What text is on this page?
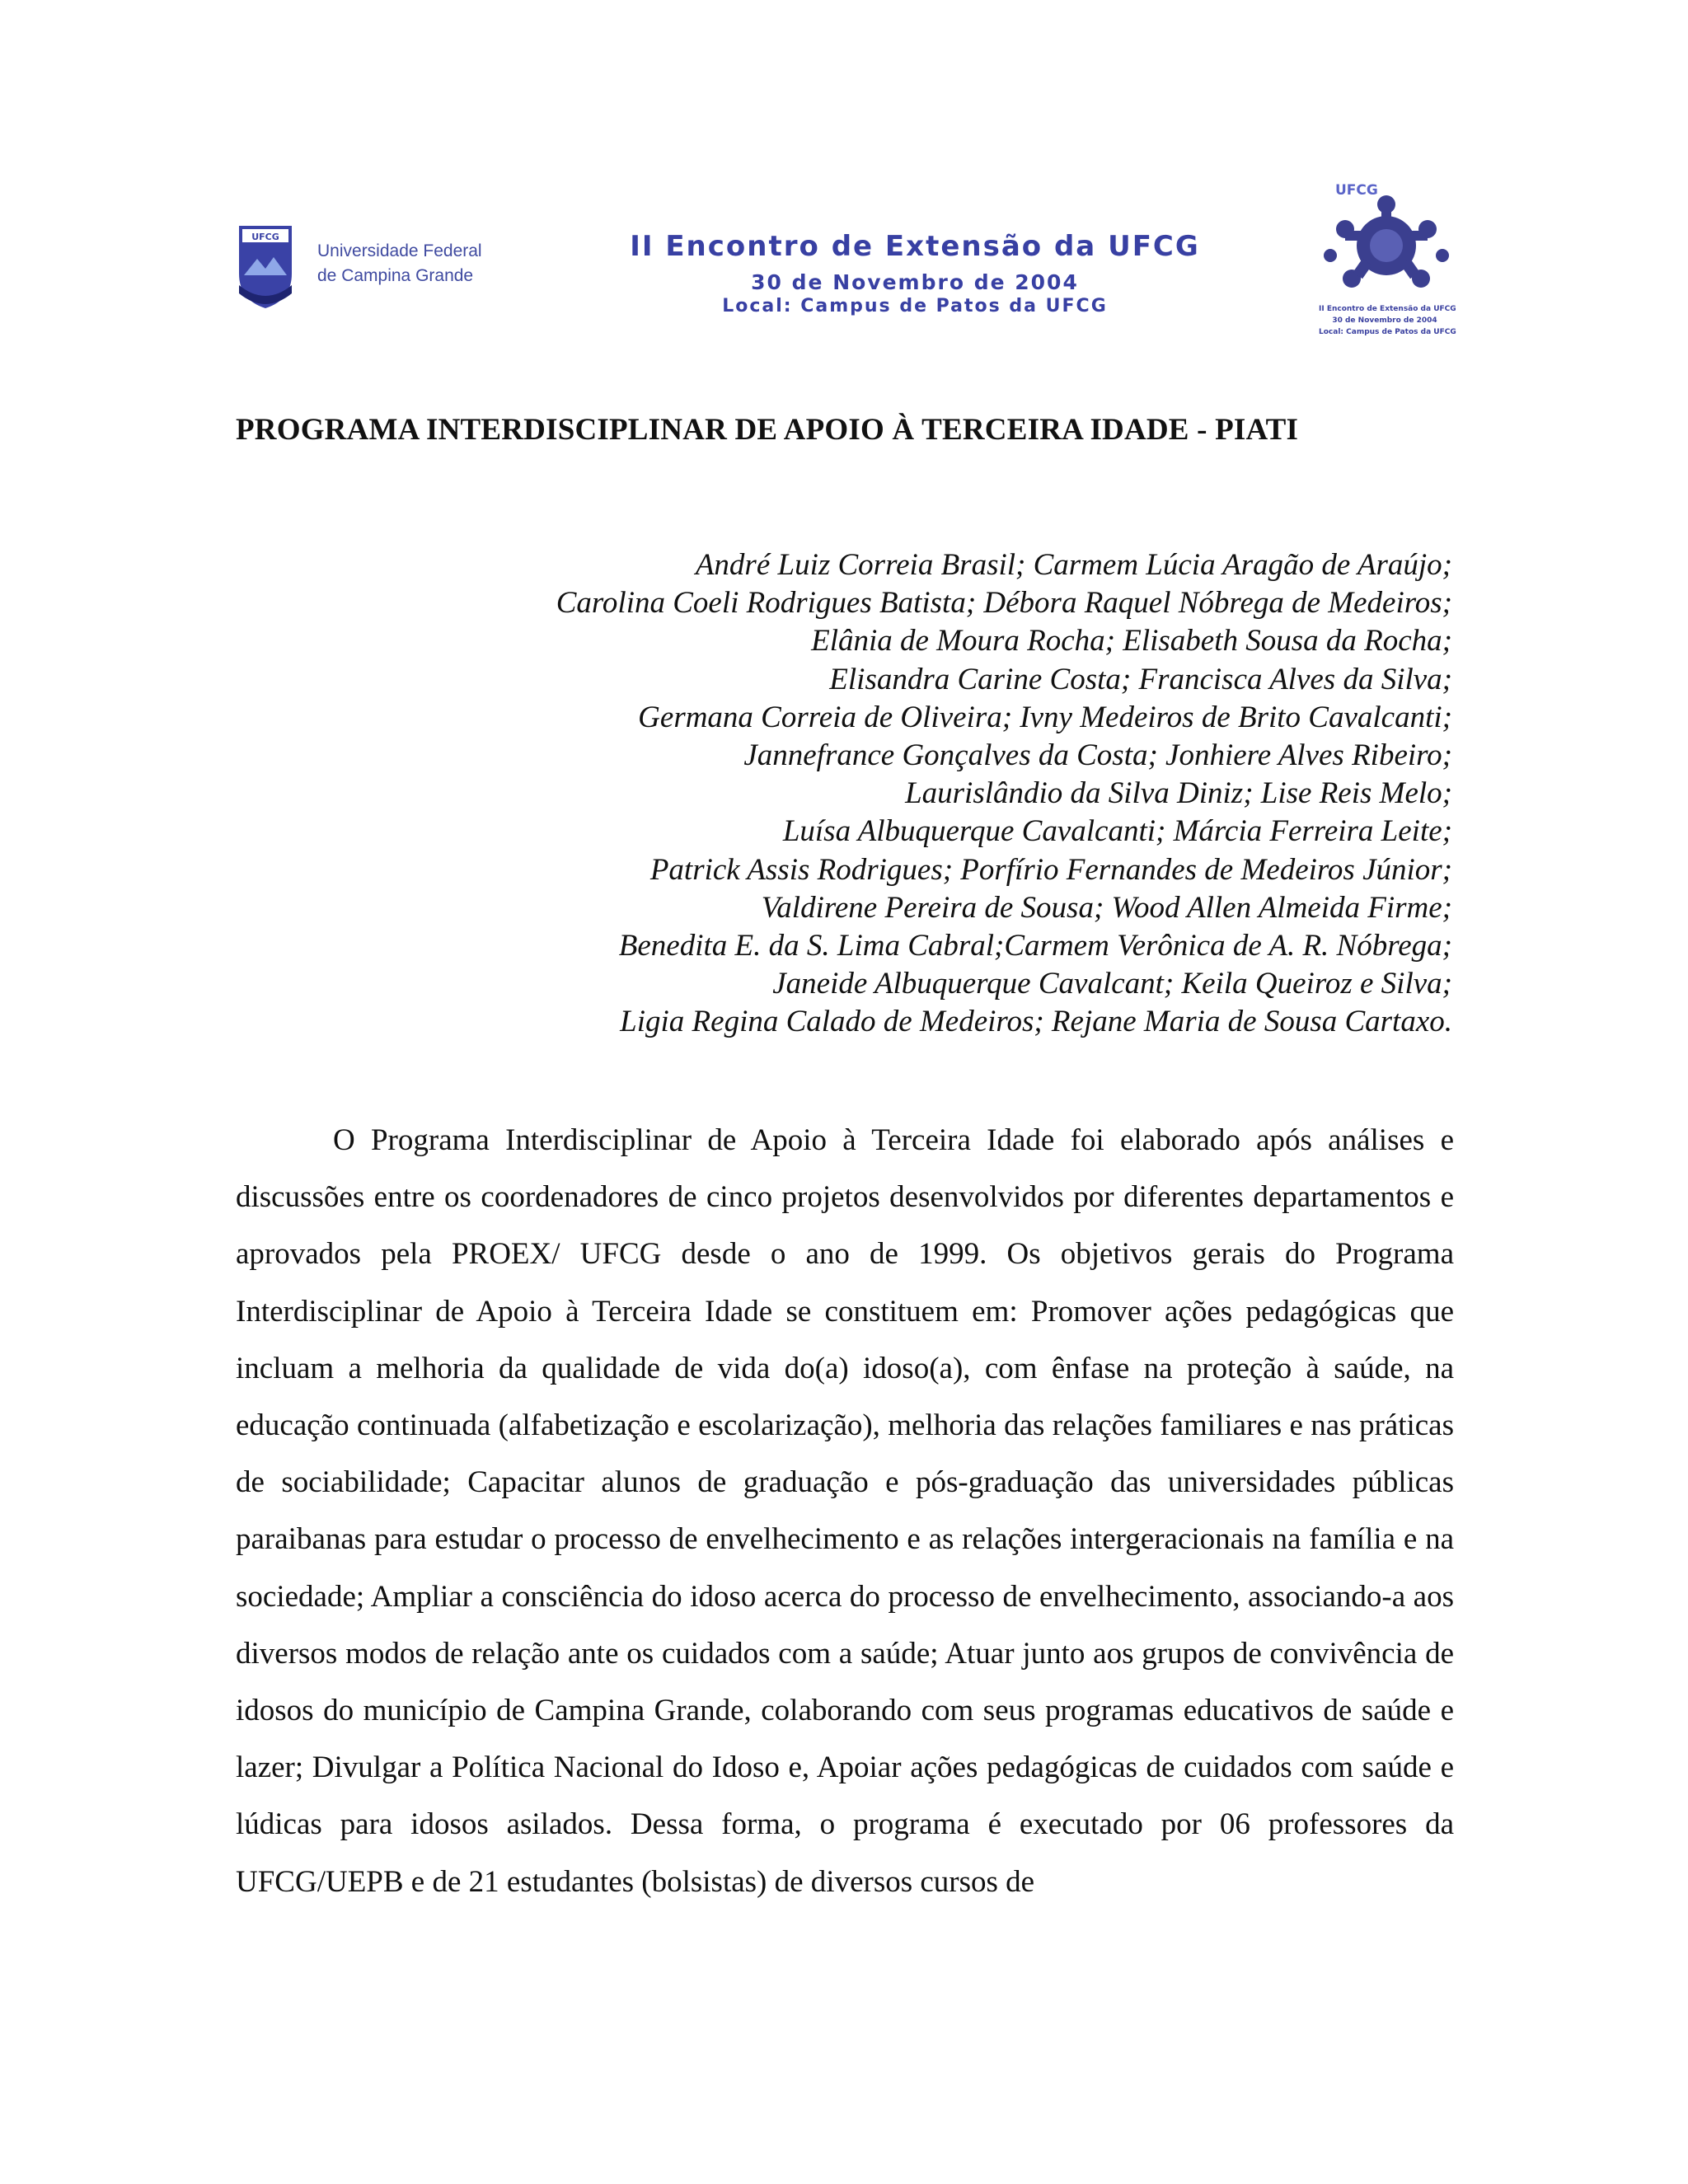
UFCG
Universidade Federal
de Campina Grande
II Encontro de Extensão da UFCG
30 de Novembro de 2004
Local: Campus de Patos da UFCG
UFCG
II Encontro de Extensão da UFCG
30 de Novembro de 2004
Local: Campus de Patos da UFCG
PROGRAMA INTERDISCIPLINAR DE APOIO À TERCEIRA IDADE - PIATI
André Luiz Correia Brasil; Carmem Lúcia Aragão de Araújo;
Carolina Coeli Rodrigues Batista; Débora Raquel Nóbrega de Medeiros;
Elânia de Moura Rocha; Elisabeth Sousa da Rocha;
Elisandra Carine Costa; Francisca Alves da Silva;
Germana Correia de Oliveira; Ivny Medeiros de Brito Cavalcanti;
Jannefrance Gonçalves da Costa; Jonhiere Alves Ribeiro;
Laurislândio da Silva Diniz; Lise Reis Melo;
Luísa Albuquerque Cavalcanti; Márcia Ferreira Leite;
Patrick Assis Rodrigues; Porfírio Fernandes de Medeiros Júnior;
Valdirene Pereira de Sousa; Wood Allen Almeida Firme;
Benedita E. da S. Lima Cabral;Carmem Verônica de A. R. Nóbrega;
Janeide Albuquerque Cavalcant; Keila Queiroz e Silva;
Ligia Regina Calado de Medeiros; Rejane Maria de Sousa Cartaxo.

O Programa Interdisciplinar de Apoio à Terceira Idade foi elaborado após análises e discussões entre os coordenadores de cinco projetos desenvolvidos por diferentes departamentos e aprovados pela PROEX/ UFCG desde o ano de 1999. Os objetivos gerais do Programa Interdisciplinar de Apoio à Terceira Idade se constituem em: Promover ações pedagógicas que incluam a melhoria da qualidade de vida do(a) idoso(a), com ênfase na proteção à saúde, na educação continuada (alfabetização e escolarização), melhoria das relações familiares e nas práticas de sociabilidade; Capacitar alunos de graduação e pós-graduação das universidades públicas paraibanas para estudar o processo de envelhecimento e as relações intergeracionais na família e na sociedade; Ampliar a consciência do idoso acerca do processo de envelhecimento, associando-a aos diversos modos de relação ante os cuidados com a saúde; Atuar junto aos grupos de convivência de idosos do município de Campina Grande, colaborando com seus programas educativos de saúde e lazer; Divulgar a Política Nacional do Idoso e, Apoiar ações pedagógicas de cuidados com saúde e lúdicas para idosos asilados. Dessa forma, o programa é executado por 06 professores da UFCG/UEPB e de 21 estudantes (bolsistas) de diversos cursos de
